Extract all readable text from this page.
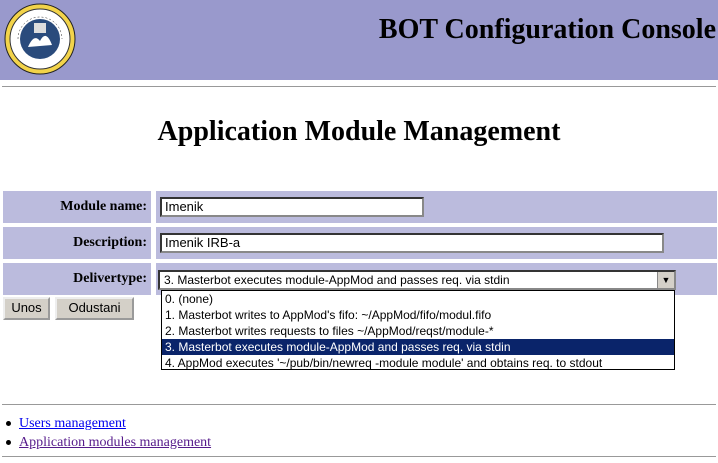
BOT Configuration Console
Application Module Management
Module name:	Imenik
Description:	Imenik IRB-a
Delivertype:	3. Masterbot executes module-AppMod and passes req. via stdin	▼
0. (none)
1. Masterbot writes to AppMod's fifo: ~/AppMod/fifo/modul.fifo
2. Masterbot writes requests to files ~/AppMod/reqst/module-*
3. Masterbot executes module-AppMod and passes req. via stdin
4. AppMod executes '~/pub/bin/newreq -module module' and obtains req. to stdout
Unos	Odustani
Users management
Application modules management
